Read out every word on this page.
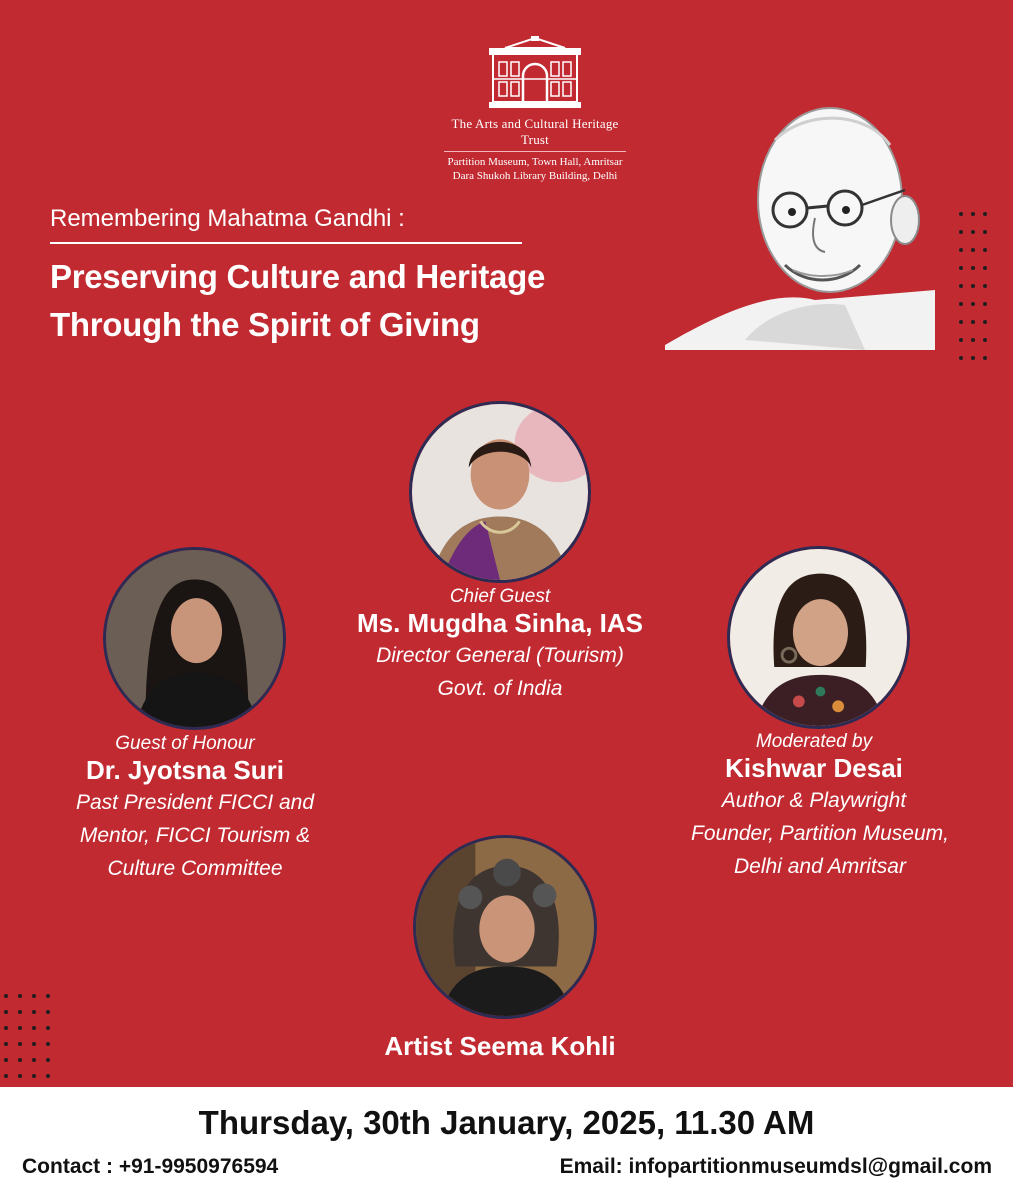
The Arts and Cultural Heritage Trust
Partition Museum, Town Hall, Amritsar
Dara Shukoh Library Building, Delhi
Remembering Mahatma Gandhi :
Preserving Culture and Heritage
Through the Spirit of Giving
Chief Guest
Ms. Mugdha Sinha, IAS
Director General (Tourism)
Govt. of India
Guest of Honour
Dr. Jyotsna Suri
Past President FICCI and
Mentor, FICCI Tourism &
Culture Committee
Moderated by
Kishwar Desai
Author & Playwright
Founder, Partition Museum,
Delhi and Amritsar
Artist Seema Kohli
Thursday, 30th January, 2025, 11.30 AM
Contact : +91-9950976594	Email: infopartitionmuseumdsl@gmail.com
